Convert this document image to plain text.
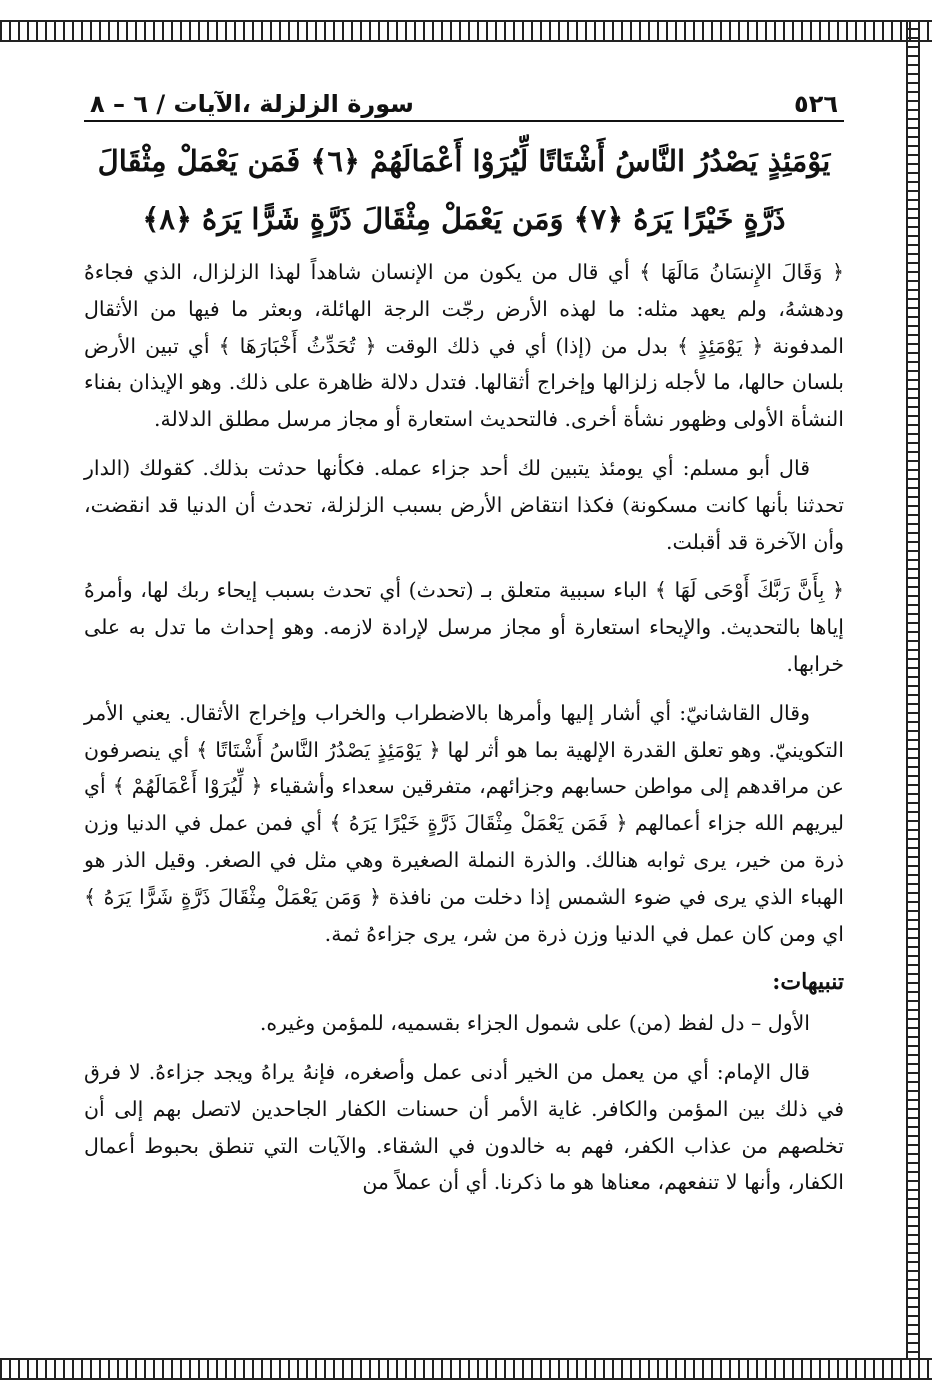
٥٢٦
سورة الزلزلة ،الآيات / ٦ – ٨
يَوْمَئِذٍ يَصْدُرُ النَّاسُ أَشْتَاتًا لِّيُرَوْا أَعْمَالَهُمْ ﴿٦﴾ فَمَن يَعْمَلْ مِثْقَالَ
ذَرَّةٍ خَيْرًا يَرَهُ ﴿٧﴾ وَمَن يَعْمَلْ مِثْقَالَ ذَرَّةٍ شَرًّا يَرَهُ ﴿٨﴾

﴿ وَقَالَ الإِنسَانُ مَالَهَا ﴾ أي قال من يكون من الإنسان شاهداً لهذا الزلزال، الذي فجاءهُ ودهشهُ، ولم يعهد مثله: ما لهذه الأرض رجّت الرجة الهائلة، وبعثر ما فيها من الأثقال المدفونة ﴿ يَوْمَئِذٍ ﴾ بدل من (إذا) أي في ذلك الوقت ﴿ تُحَدِّثُ أَخْبَارَهَا ﴾ أي تبين الأرض بلسان حالها، ما لأجله زلزالها وإخراج أثقالها. فتدل دلالة ظاهرة على ذلك. وهو الإيذان بفناء النشأة الأولى وظهور نشأة أخرى. فالتحديث استعارة أو مجاز مرسل مطلق الدلالة.

قال أبو مسلم: أي يومئذ يتبين لك أحد جزاء عمله. فكأنها حدثت بذلك. كقولك (الدار تحدثنا بأنها كانت مسكونة) فكذا انتقاض الأرض بسبب الزلزلة، تحدث أن الدنيا قد انقضت، وأن الآخرة قد أقبلت.

﴿ بِأَنَّ رَبَّكَ أَوْحَى لَهَا ﴾ الباء سببية متعلق بـ (تحدث) أي تحدث بسبب إيحاء ربك لها، وأمرهُ إياها بالتحديث. والإيحاء استعارة أو مجاز مرسل لإرادة لازمه. وهو إحداث ما تدل به على خرابها.

وقال القاشانيّ: أي أشار إليها وأمرها بالاضطراب والخراب وإخراج الأثقال. يعني الأمر التكوينيّ. وهو تعلق القدرة الإلهية بما هو أثر لها ﴿ يَوْمَئِذٍ يَصْدُرُ النَّاسُ أَشْتَاتًا ﴾ أي ينصرفون عن مراقدهم إلى مواطن حسابهم وجزائهم، متفرقين سعداء وأشقياء ﴿ لِّيُرَوْا أَعْمَالَهُمْ ﴾ أي ليريهم الله جزاء أعمالهم ﴿ فَمَن يَعْمَلْ مِثْقَالَ ذَرَّةٍ خَيْرًا يَرَهُ ﴾ أي فمن عمل في الدنيا وزن ذرة من خير، يرى ثوابه هنالك. والذرة النملة الصغيرة وهي مثل في الصغر. وقيل الذر هو الهباء الذي يرى في ضوء الشمس إذا دخلت من نافذة ﴿ وَمَن يَعْمَلْ مِثْقَالَ ذَرَّةٍ شَرًّا يَرَهُ ﴾ اي ومن كان عمل في الدنيا وزن ذرة من شر، يرى جزاءهُ ثمة.

تنبيهات:

الأول – دل لفظ (من) على شمول الجزاء بقسميه، للمؤمن وغيره.

قال الإمام: أي من يعمل من الخير أدنى عمل وأصغره، فإنهُ يراهُ ويجد جزاءهُ. لا فرق في ذلك بين المؤمن والكافر. غاية الأمر أن حسنات الكفار الجاحدين لاتصل بهم إلى أن تخلصهم من عذاب الكفر، فهم به خالدون في الشقاء. والآيات التي تنطق بحبوط أعمال الكفار، وأنها لا تنفعهم، معناها هو ما ذكرنا. أي أن عملاً من
